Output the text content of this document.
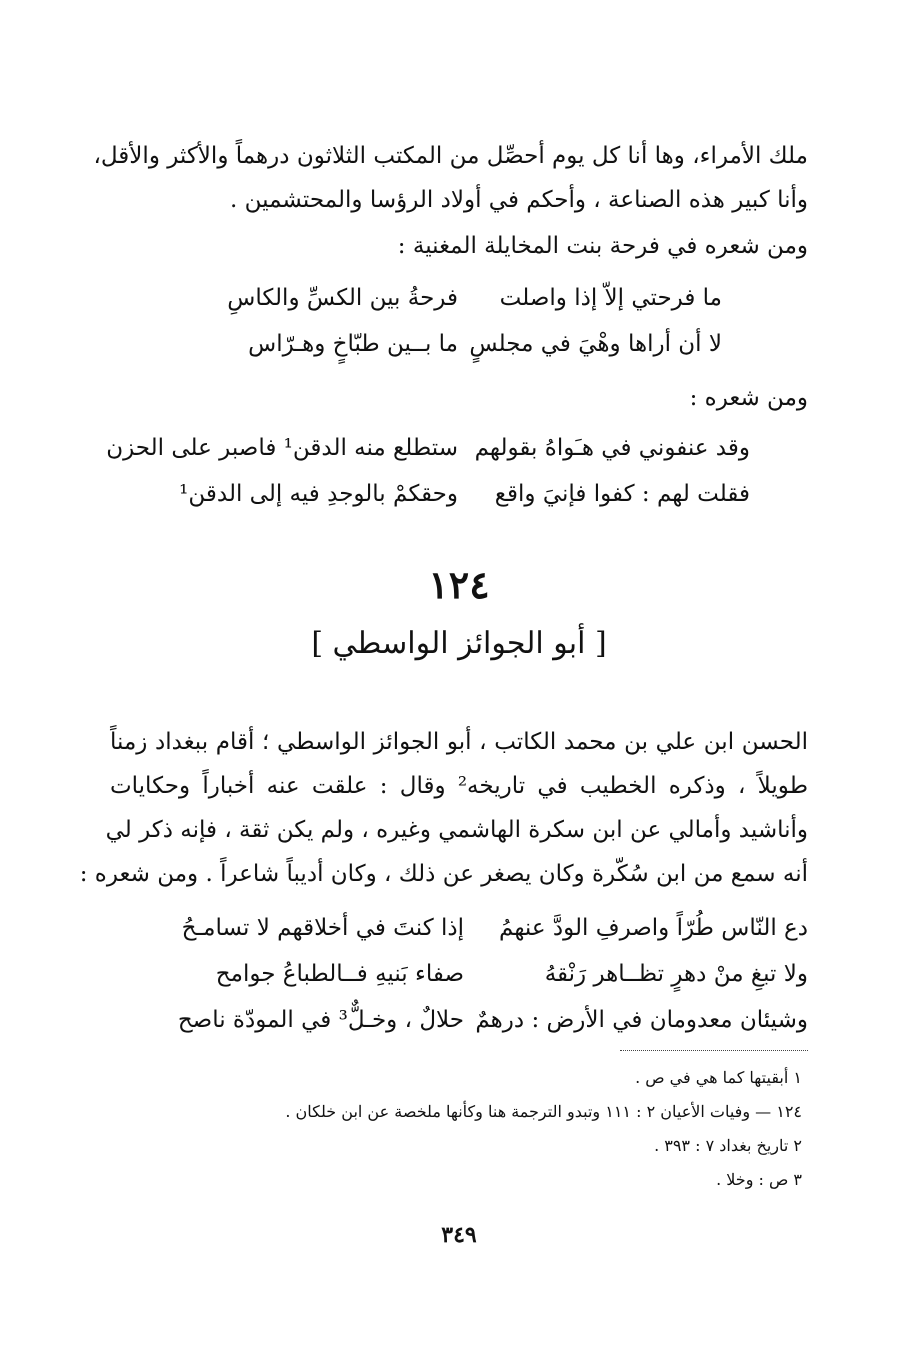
ملك الأمراء، وها أنا كل يوم أحصِّل من المكتب الثلاثون درهماً والأكثر والأقل،
وأنا كبير هذه الصناعة ، وأحكم في أولاد الرؤسا والمحتشمين .
ومن شعره في فرحة بنت المخايلة المغنية :
ما فرحتي إلاّ إذا واصلت
فرحةُ بين الكسِّ والكاسِ
لا أن أراها وهْيَ في مجلسٍ
ما بــين طبّاخٍ وهـرّاس
ومن شعره :
وقد عنفوني في هـَواهُ بقولهم
ستطلع منه الدقن¹ فاصبر على الحزن
فقلت لهم : كفوا فإنيَ واقع
وحقكمْ بالوجدِ فيه إلى الدقن¹
١٢٤
[ أبو الجوائز الواسطي ]
الحسن ابن علي بن محمد الكاتب ، أبو الجوائز الواسطي ؛ أقام ببغداد زمناً
طويلاً ، وذكره الخطيب في تاريخه² وقال : علقت عنه أخباراً وحكايات
وأناشيد وأمالي عن ابن سكرة الهاشمي وغيره ، ولم يكن ثقة ، فإنه ذكر لي
أنه سمع من ابن سُكّرة وكان يصغر عن ذلك ، وكان أديباً شاعراً . ومن شعره :
دع النّاس طُرّاً واصرفِ الودَّ عنهمُ
إذا كنتَ في أخلاقهم لا تسامـحُ
ولا تبغِ منْ دهرٍ تظــاهر رَنْقهُ
صفاء بَنيهِ فــالطباعُ جوامح
وشيئان معدومان في الأرض : درهمٌ
حلالٌ ، وخـلٌّ³ في المودّة ناصح
١ أبقيتها كما هي في ص .
١٢٤ — وفيات الأعيان ٢ : ١١١ وتبدو الترجمة هنا وكأنها ملخصة عن ابن خلكان .
٢ تاريخ بغداد ٧ : ٣٩٣ .
٣ ص : وخلا .
٣٤٩
